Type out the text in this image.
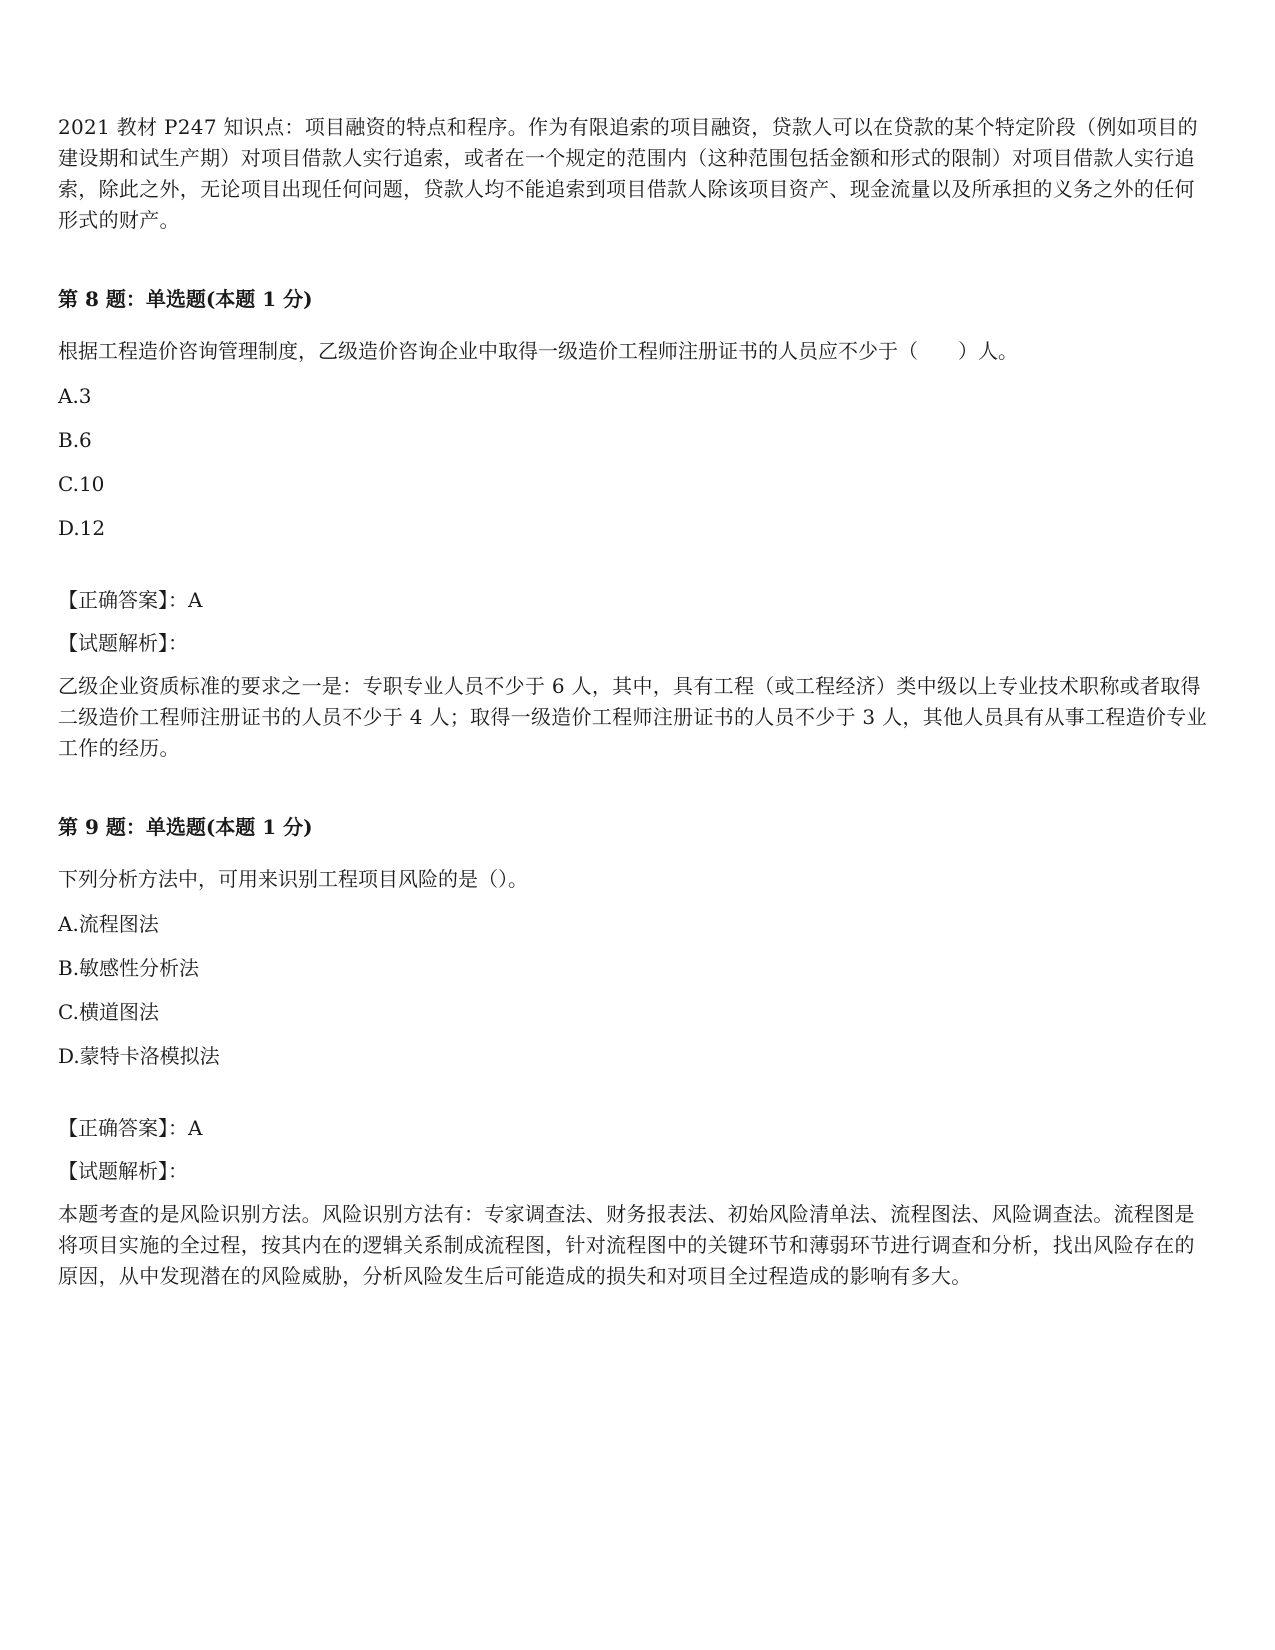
2021 教材 P247 知识点：项目融资的特点和程序。作为有限追索的项目融资，贷款人可以在贷款的某个特定阶段（例如项目的建设期和试生产期）对项目借款人实行追索，或者在一个规定的范围内（这种范围包括金额和形式的限制）对项目借款人实行追索，除此之外，无论项目出现任何问题，贷款人均不能追索到项目借款人除该项目资产、现金流量以及所承担的义务之外的任何形式的财产。

第 8 题：单选题(本题 1 分)

根据工程造价咨询管理制度，乙级造价咨询企业中取得一级造价工程师注册证书的人员应不少于（　　）人。

A.3

B.6

C.10

D.12

【正确答案】：A

【试题解析】：

乙级企业资质标准的要求之一是：专职专业人员不少于 6 人，其中，具有工程（或工程经济）类中级以上专业技术职称或者取得二级造价工程师注册证书的人员不少于 4 人；取得一级造价工程师注册证书的人员不少于 3 人，其他人员具有从事工程造价专业工作的经历。

第 9 题：单选题(本题 1 分)

下列分析方法中，可用来识别工程项目风险的是（）。

A.流程图法

B.敏感性分析法

C.横道图法

D.蒙特卡洛模拟法

【正确答案】：A

【试题解析】：

本题考查的是风险识别方法。风险识别方法有：专家调查法、财务报表法、初始风险清单法、流程图法、风险调查法。流程图是将项目实施的全过程，按其内在的逻辑关系制成流程图，针对流程图中的关键环节和薄弱环节进行调查和分析，找出风险存在的原因，从中发现潜在的风险威胁，分析风险发生后可能造成的损失和对项目全过程造成的影响有多大。
